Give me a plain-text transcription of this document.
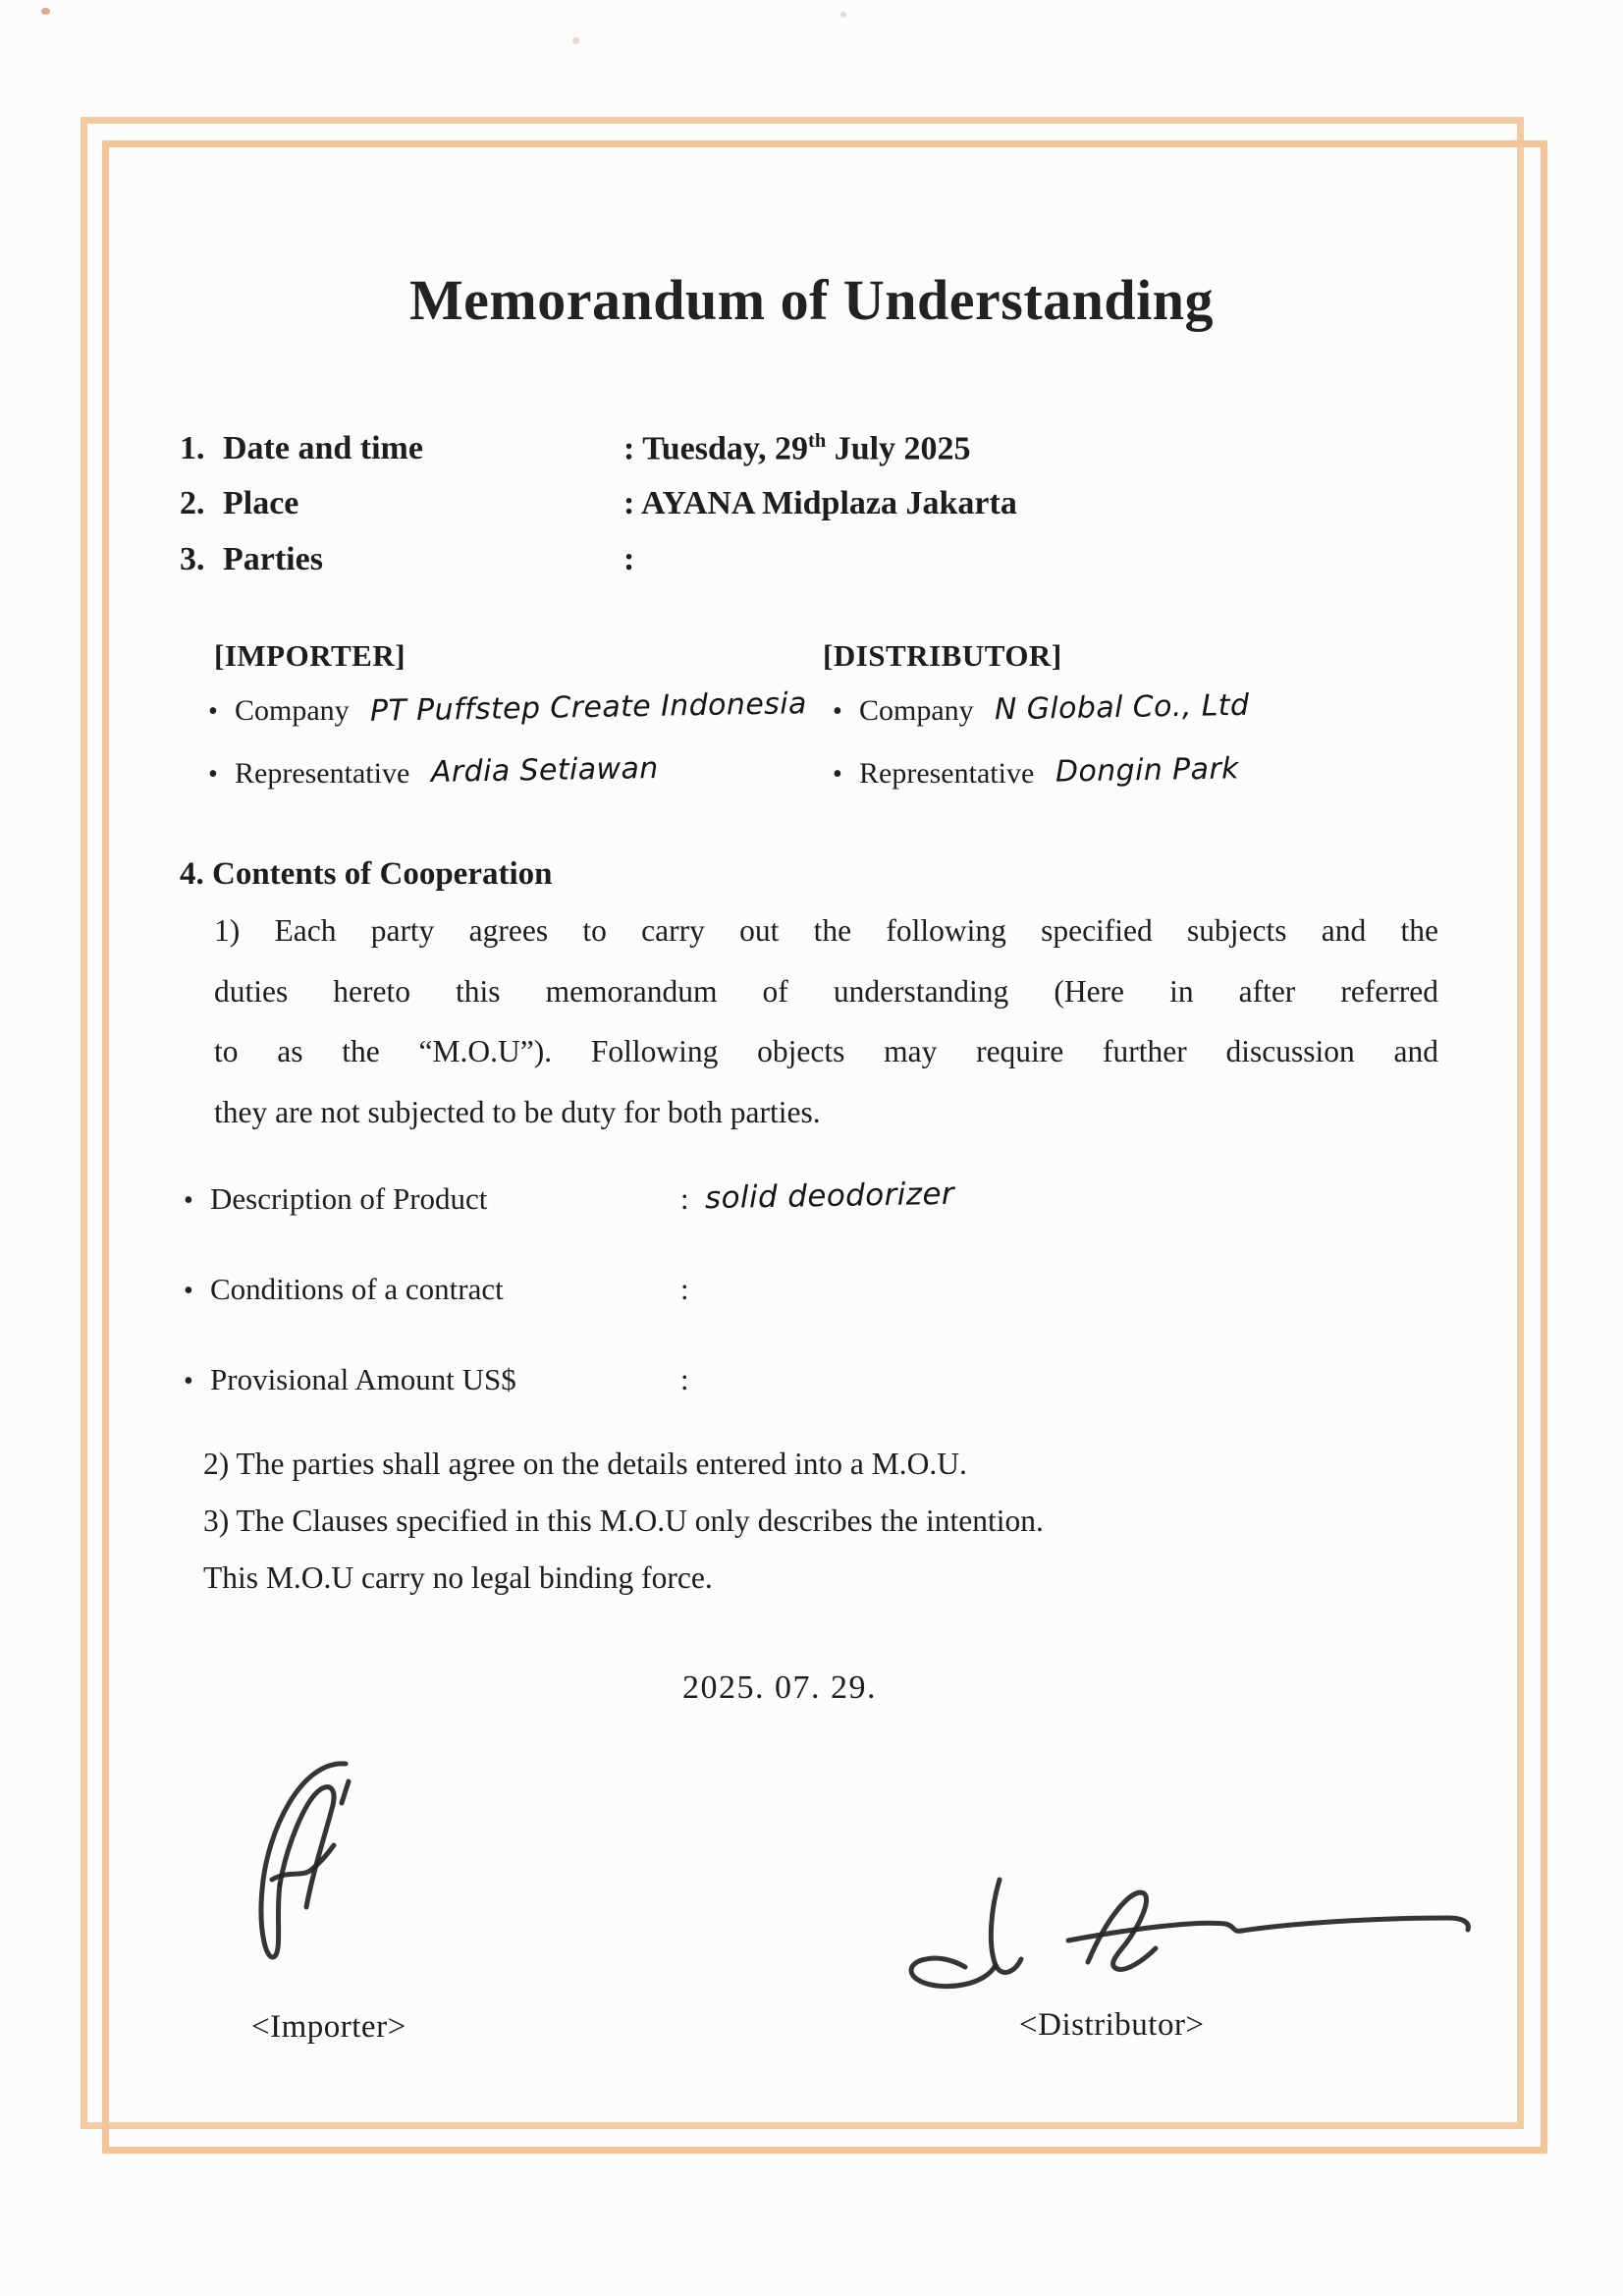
Memorandum of Understanding
1. Date and time	: Tuesday, 29th July 2025
2. Place	: AYANA Midplaza Jakarta
3. Parties	:
[IMPORTER]
• Company PT Puffstep Create Indonesia
• Representative Ardia Setiawan
[DISTRIBUTOR]
• Company N Global Co., Ltd
• Representative Dongin Park
4. Contents of Cooperation
1) Each party agrees to carry out the following specified subjects and the
duties hereto this memorandum of understanding (Here in after referred
to as the “M.O.U”). Following objects may require further discussion and
they are not subjected to be duty for both parties.
• Description of Product	: solid deodorizer
• Conditions of a contract	:
• Provisional Amount US$	:
2) The parties shall agree on the details entered into a M.O.U.
3) The Clauses specified in this M.O.U only describes the intention.
This M.O.U carry no legal binding force.
2025. 07. 29.
<Importer>	<Distributor>
